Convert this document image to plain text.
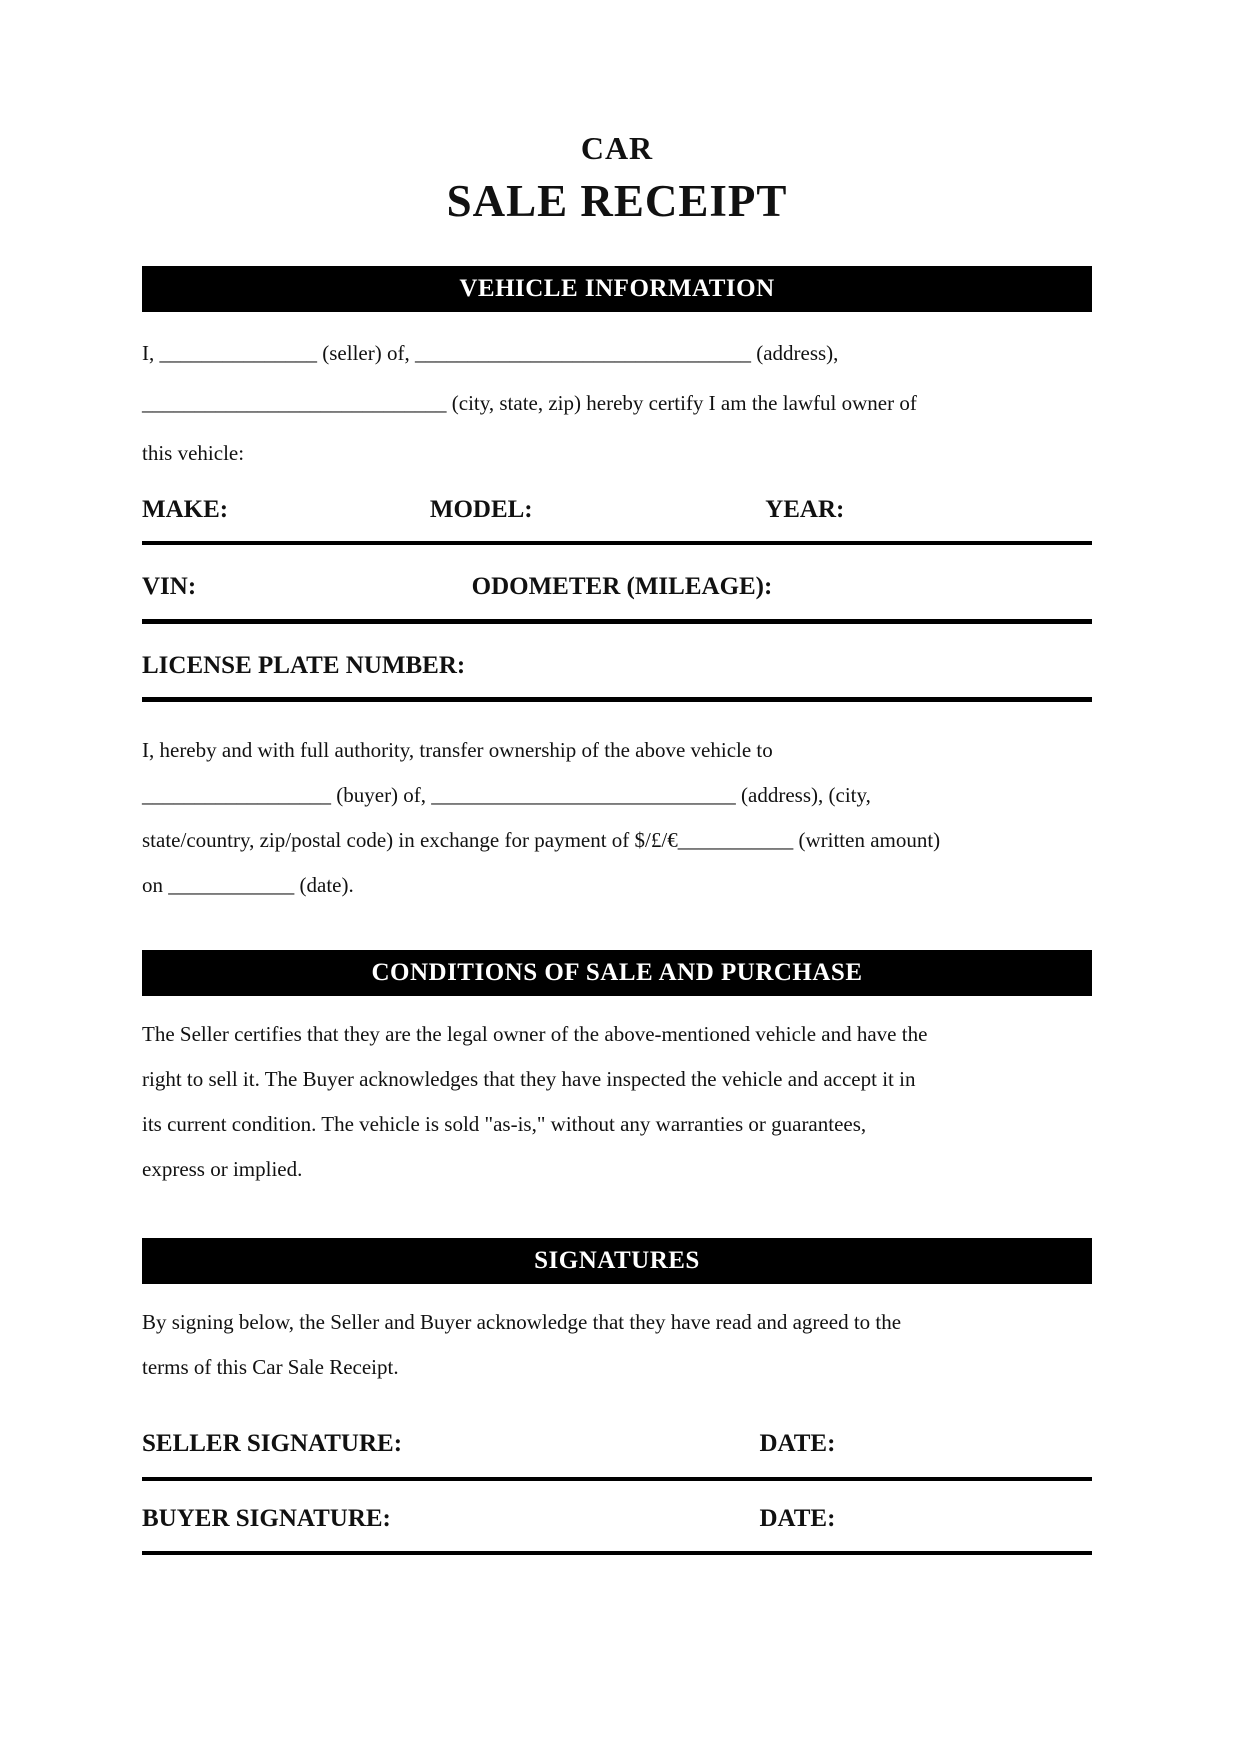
CAR
SALE RECEIPT
VEHICLE INFORMATION
I, _______________ (seller) of, ________________________________ (address),
_____________________________ (city, state, zip) hereby certify I am the lawful owner of
this vehicle:
MAKE:	MODEL:	YEAR:
VIN:	ODOMETER (MILEAGE):
LICENSE PLATE NUMBER:
I, hereby and with full authority, transfer ownership of the above vehicle to
__________________ (buyer) of, _____________________________ (address), (city,
state/country, zip/postal code) in exchange for payment of $/£/€___________ (written amount)
on ____________ (date).
CONDITIONS OF SALE AND PURCHASE
The Seller certifies that they are the legal owner of the above-mentioned vehicle and have the
right to sell it. The Buyer acknowledges that they have inspected the vehicle and accept it in
its current condition. The vehicle is sold "as-is," without any warranties or guarantees,
express or implied.
SIGNATURES
By signing below, the Seller and Buyer acknowledge that they have read and agreed to the
terms of this Car Sale Receipt.
SELLER SIGNATURE:	DATE:
BUYER SIGNATURE:	DATE:
